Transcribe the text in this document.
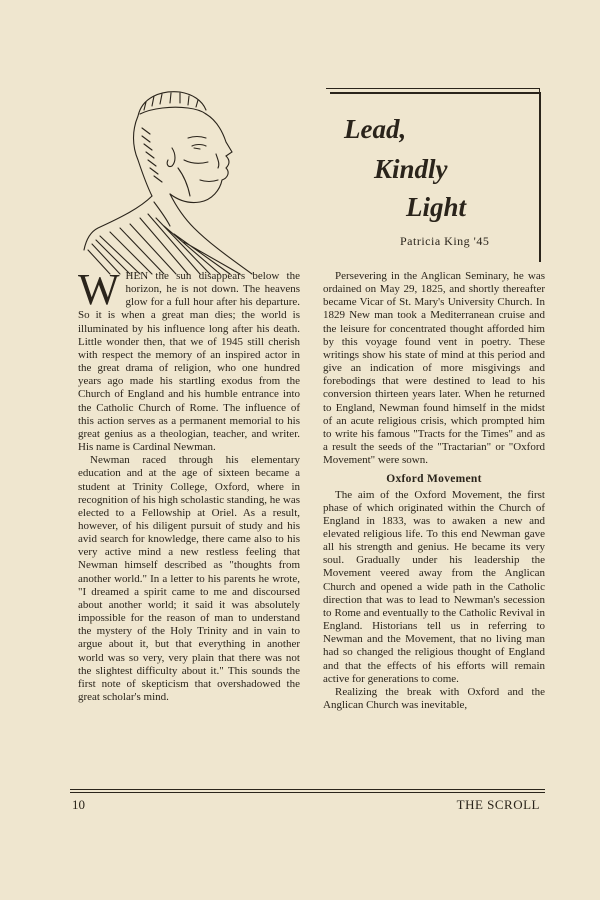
Lead,
Kindly
Light
Patricia King '45

WHEN the sun disappears below the horizon, he is not down. The heavens glow for a full hour after his departure. So it is when a great man dies; the world is illuminated by his influence long after his death. Little wonder then, that we of 1945 still cherish with respect the memory of an inspired actor in the great drama of religion, who one hundred years ago made his startling exodus from the Church of England and his humble entrance into the Catholic Church of Rome. The influence of this action serves as a permanent memorial to his great genius as a theologian, teacher, and writer. His name is Cardinal Newman.

Newman raced through his elementary education and at the age of sixteen became a student at Trinity College, Oxford, where in recognition of his high scholastic standing, he was elected to a Fellowship at Oriel. As a result, however, of his diligent pursuit of study and his avid search for knowledge, there came also to his very active mind a new restless feeling that Newman himself described as "thoughts from another world." In a letter to his parents he wrote, "I dreamed a spirit came to me and discoursed about another world; it said it was absolutely impossible for the reason of man to understand the mystery of the Holy Trinity and in vain to argue about it, but that everything in another world was so very, very plain that there was not the slightest difficulty about it." This sounds the first note of skepticism that overshadowed the great scholar's mind.

Persevering in the Anglican Seminary, he was ordained on May 29, 1825, and shortly thereafter became Vicar of St. Mary's University Church. In 1829 New man took a Mediterranean cruise and the leisure for concentrated thought afforded him by this voyage found vent in poetry. These writings show his state of mind at this period and give an indication of more misgivings and forebodings that were destined to lead to his conversion thirteen years later. When he returned to England, Newman found himself in the midst of an acute religious crisis, which prompted him to write his famous "Tracts for the Times" and as a result the seeds of the "Tractarian" or "Oxford Movement" were sown.

Oxford Movement

The aim of the Oxford Movement, the first phase of which originated within the Church of England in 1833, was to awaken a new and elevated religious life. To this end Newman gave all his strength and genius. He became its very soul. Gradually under his leadership the Movement veered away from the Anglican Church and opened a wide path in the Catholic direction that was to lead to Newman's secession to Rome and eventually to the Catholic Revival in England. Historians tell us in referring to Newman and the Movement, that no living man had so changed the religious thought of England and that the effects of his efforts will remain active for generations to come.

Realizing the break with Oxford and the Anglican Church was inevitable,

10	THE SCROLL
